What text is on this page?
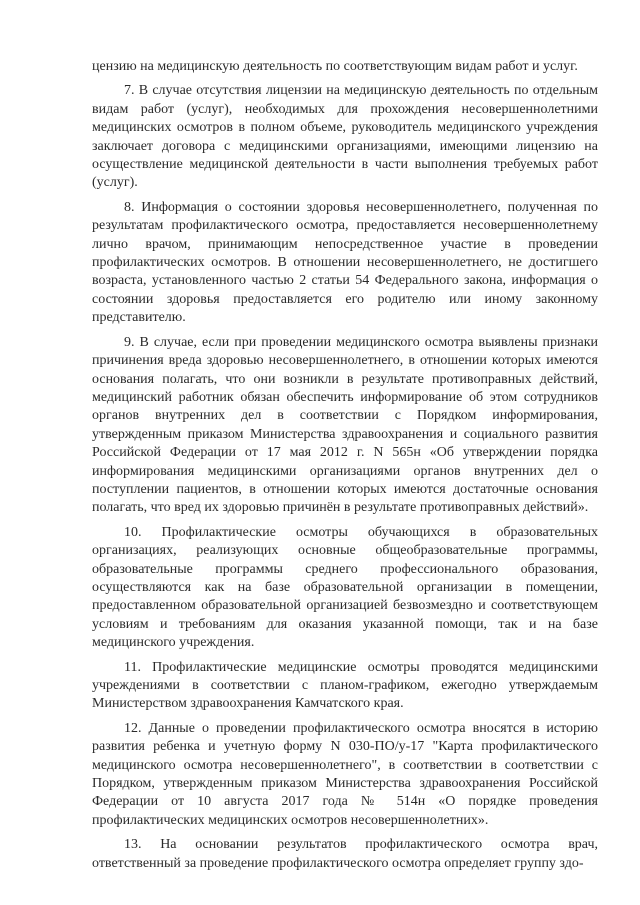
цензию на медицинскую деятельность по соответствующим видам работ и услуг.

7. В случае отсутствия лицензии на медицинскую деятельность по отдельным видам работ (услуг), необходимых для прохождения несовершеннолетними медицинских осмотров в полном объеме, руководитель медицинского учреждения заключает договора с медицинскими организациями, имеющими лицензию на осуществление медицинской деятельности в части выполнения требуемых работ (услуг).

8. Информация о состоянии здоровья несовершеннолетнего, полученная по результатам профилактического осмотра, предоставляется несовершеннолетнему лично врачом, принимающим непосредственное участие в проведении профилактических осмотров. В отношении несовершеннолетнего, не достигшего возраста, установленного частью 2 статьи 54 Федерального закона, информация о состоянии здоровья предоставляется его родителю или иному законному представителю.

9. В случае, если при проведении медицинского осмотра выявлены признаки причинения вреда здоровью несовершеннолетнего, в отношении которых имеются основания полагать, что они возникли в результате противоправных действий, медицинский работник обязан обеспечить информирование об этом сотрудников органов внутренних дел в соответствии с Порядком информирования, утвержденным приказом Министерства здравоохранения и социального развития Российской Федерации от 17 мая 2012 г. N 565н «Об утверждении порядка информирования медицинскими организациями органов внутренних дел о поступлении пациентов, в отношении которых имеются достаточные основания полагать, что вред их здоровью причинён в результате противоправных действий».

10. Профилактические осмотры обучающихся в образовательных организациях, реализующих основные общеобразовательные программы, образовательные программы среднего профессионального образования, осуществляются как на базе образовательной организации в помещении, предоставленном образовательной организацией безвозмездно и соответствующем условиям и требованиям для оказания указанной помощи, так и на базе медицинского учреждения.

11. Профилактические медицинские осмотры проводятся медицинскими учреждениями в соответствии с планом-графиком, ежегодно утверждаемым Министерством здравоохранения Камчатского края.

12. Данные о проведении профилактического осмотра вносятся в историю развития ребенка и учетную форму N 030-ПО/у-17 "Карта профилактического медицинского осмотра несовершеннолетнего", в соответствии в соответствии с Порядком, утвержденным приказом Министерства здравоохранения Российской Федерации от 10 августа 2017 года № 514н «О порядке проведения профилактических медицинских осмотров несовершеннолетних».

13. На основании результатов профилактического осмотра врач, ответственный за проведение профилактического осмотра определяет группу здо-
